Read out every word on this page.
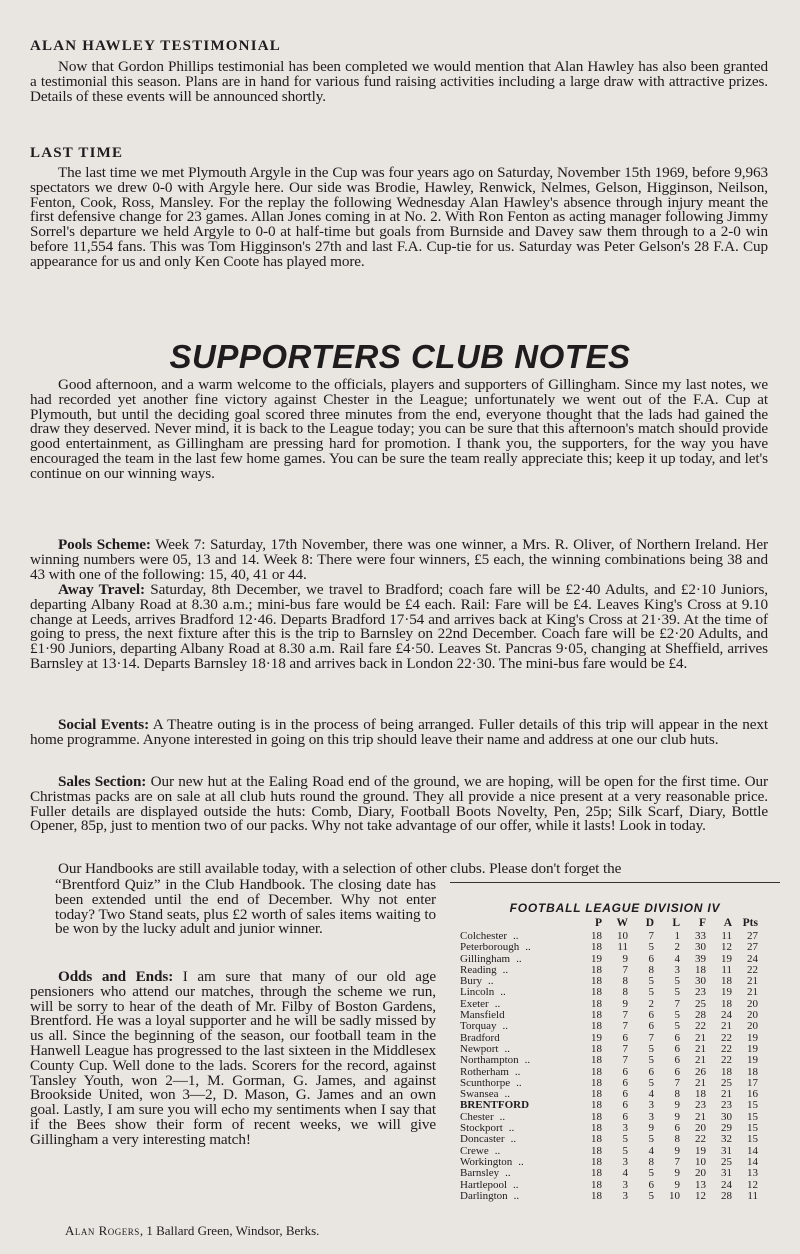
ALAN HAWLEY TESTIMONIAL

Now that Gordon Phillips testimonial has been completed we would mention that Alan Hawley has also been granted a testimonial this season. Plans are in hand for various fund raising activities including a large draw with attractive prizes. Details of these events will be announced shortly.

LAST TIME

The last time we met Plymouth Argyle in the Cup was four years ago on Saturday, November 15th 1969, before 9,963 spectators we drew 0-0 with Argyle here. Our side was Brodie, Hawley, Renwick, Nelmes, Gelson, Higginson, Neilson, Fenton, Cook, Ross, Mansley. For the replay the following Wednesday Alan Hawley's absence through injury meant the first defensive change for 23 games. Allan Jones coming in at No. 2. With Ron Fenton as acting manager following Jimmy Sorrel's departure we held Argyle to 0-0 at half-time but goals from Burnside and Davey saw them through to a 2-0 win before 11,554 fans. This was Tom Higginson's 27th and last F.A. Cup-tie for us. Saturday was Peter Gelson's 28 F.A. Cup appearance for us and only Ken Coote has played more.

SUPPORTERS CLUB NOTES

Good afternoon, and a warm welcome to the officials, players and supporters of Gillingham. Since my last notes, we had recorded yet another fine victory against Chester in the League; unfortunately we went out of the F.A. Cup at Plymouth, but until the deciding goal scored three minutes from the end, everyone thought that the lads had gained the draw they deserved. Never mind, it is back to the League today; you can be sure that this afternoon's match should provide good entertainment, as Gillingham are pressing hard for promotion. I thank you, the supporters, for the way you have encouraged the team in the last few home games. You can be sure the team really appreciate this; keep it up today, and let's continue on our winning ways.

Pools Scheme: Week 7: Saturday, 17th November, there was one winner, a Mrs. R. Oliver, of Northern Ireland. Her winning numbers were 05, 13 and 14. Week 8: There were four winners, £5 each, the winning combinations being 38 and 43 with one of the following: 15, 40, 41 or 44.

Away Travel: Saturday, 8th December, we travel to Bradford; coach fare will be £2·40 Adults, and £2·10 Juniors, departing Albany Road at 8.30 a.m.; mini-bus fare would be £4 each. Rail: Fare will be £4. Leaves King's Cross at 9.10 change at Leeds, arrives Bradford 12·46. Departs Bradford 17·54 and arrives back at King's Cross at 21·39. At the time of going to press, the next fixture after this is the trip to Barnsley on 22nd December. Coach fare will be £2·20 Adults, and £1·90 Juniors, departing Albany Road at 8.30 a.m. Rail fare £4·50. Leaves St. Pancras 9·05, changing at Sheffield, arrives Barnsley at 13·14. Departs Barnsley 18·18 and arrives back in London 22·30. The mini-bus fare would be £4.

Social Events: A Theatre outing is in the process of being arranged. Fuller details of this trip will appear in the next home programme. Anyone interested in going on this trip should leave their name and address at one our club huts.

Sales Section: Our new hut at the Ealing Road end of the ground, we are hoping, will be open for the first time. Our Christmas packs are on sale at all club huts round the ground. They all provide a nice present at a very reasonable price. Fuller details are displayed outside the huts: Comb, Diary, Football Boots Novelty, Pen, 25p; Silk Scarf, Diary, Bottle Opener, 85p, just to mention two of our packs. Why not take advantage of our offer, while it lasts! Look in today.

Our Handbooks are still available today, with a selection of other clubs. Please don't forget the

“Brentford Quiz” in the Club Handbook. The closing date has been extended until the end of December. Why not enter today? Two Stand seats, plus £2 worth of sales items waiting to be won by the lucky adult and junior winner.

Odds and Ends: I am sure that many of our old age pensioners who attend our matches, through the scheme we run, will be sorry to hear of the death of Mr. Filby of Boston Gardens, Brentford. He was a loyal supporter and he will be sadly missed by us all. Since the beginning of the season, our football team in the Hanwell League has progressed to the last sixteen in the Middlesex County Cup. Well done to the lads. Scorers for the record, against Tansley Youth, won 2—1, M. Gorman, G. James, and against Brookside United, won 3—2, D. Mason, G. James and an own goal. Lastly, I am sure you will echo my sentiments when I say that if the Bees show their form of recent weeks, we will give Gillingham a very interesting match!

Alan Rogers, 1 Ballard Green, Windsor, Berks.

FOOTBALL LEAGUE DIVISION IV
	P	W	D	L	F	A	Pts
Colchester ..	18	10	7	1	33	11	27
Peterborough ..	18	11	5	2	30	12	27
Gillingham ..	19	9	6	4	39	19	24
Reading ..	18	7	8	3	18	11	22
Bury ..	18	8	5	5	30	18	21
Lincoln ..	18	8	5	5	23	19	21
Exeter ..	18	9	2	7	25	18	20
Mansfield	18	7	6	5	28	24	20
Torquay ..	18	7	6	5	22	21	20
Bradford	19	6	7	6	21	22	19
Newport ..	18	7	5	6	21	22	19
Northampton ..	18	7	5	6	21	22	19
Rotherham ..	18	6	6	6	26	18	18
Scunthorpe ..	18	6	5	7	21	25	17
Swansea ..	18	6	4	8	18	21	16
BRENTFORD	18	6	3	9	23	23	15
Chester ..	18	6	3	9	21	30	15
Stockport ..	18	3	9	6	20	29	15
Doncaster ..	18	5	5	8	22	32	15
Crewe ..	18	5	4	9	19	31	14
Workington ..	18	3	8	7	10	25	14
Barnsley ..	18	4	5	9	20	31	13
Hartlepool ..	18	3	6	9	13	24	12
Darlington ..	18	3	5	10	12	28	11
